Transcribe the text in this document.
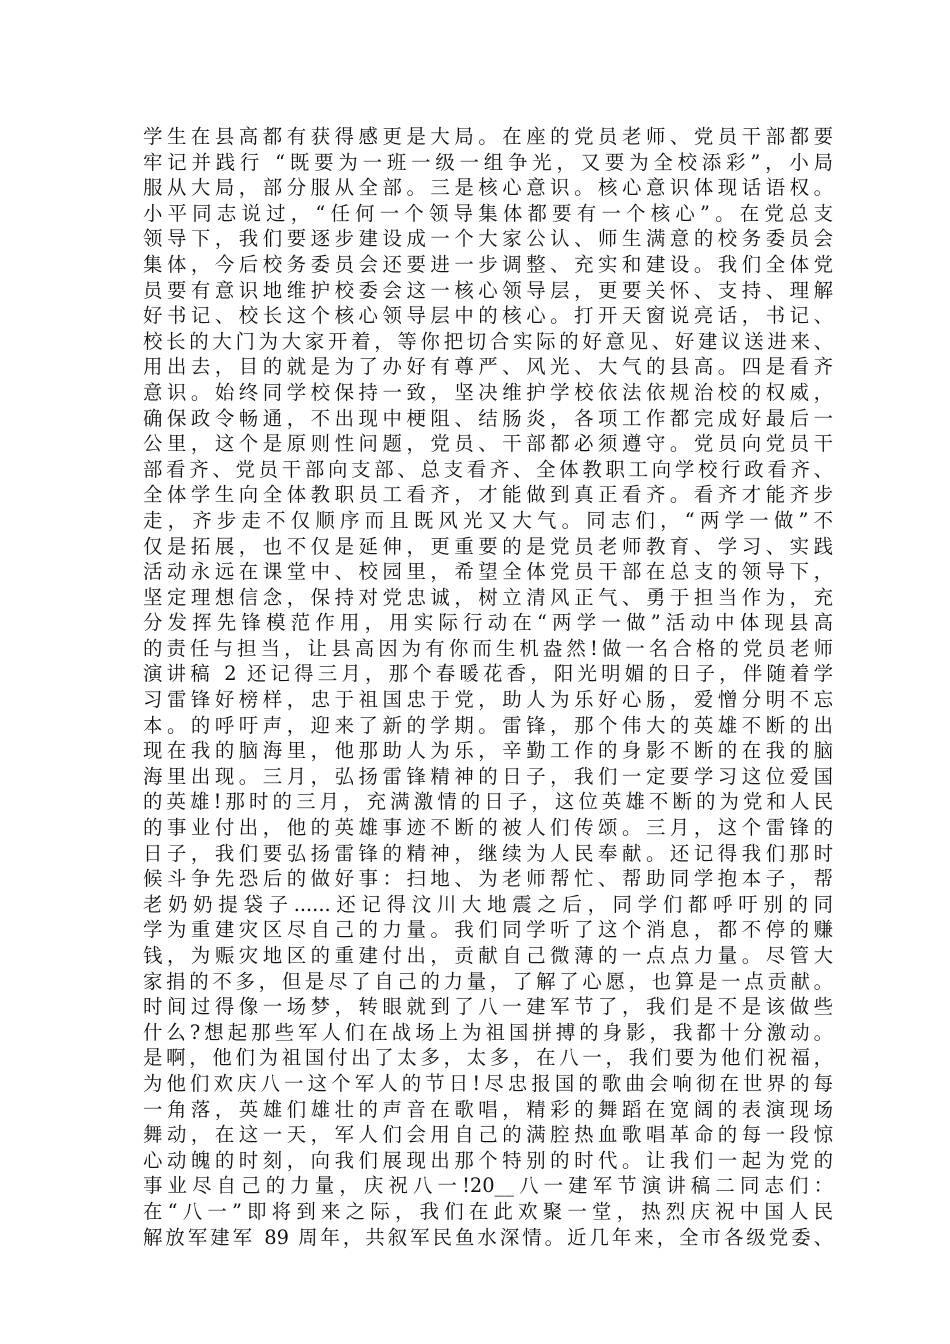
学生在县高都有获得感更是大局。在座的党员老师、党员干部都要
牢记并践行 “既要为一班一级一组争光，又要为全校添彩”，小局
服从大局，部分服从全部。三是核心意识。核心意识体现话语权。
小平同志说过，“任何一个领导集体都要有一个核心”。在党总支
领导下，我们要逐步建设成一个大家公认、师生满意的校务委员会
集体，今后校务委员会还要进一步调整、充实和建设。我们全体党
员要有意识地维护校委会这一核心领导层，更要关怀、支持、理解
好书记、校长这个核心领导层中的核心。打开天窗说亮话，书记、
校长的大门为大家开着，等你把切合实际的好意见、好建议送进来、
用出去，目的就是为了办好有尊严、风光、大气的县高。四是看齐
意识。始终同学校保持一致，坚决维护学校依法依规治校的权威，
确保政令畅通，不出现中梗阻、结肠炎，各项工作都完成好最后一
公里，这个是原则性问题，党员、干部都必须遵守。党员向党员干
部看齐、党员干部向支部、总支看齐、全体教职工向学校行政看齐、
全体学生向全体教职员工看齐，才能做到真正看齐。看齐才能齐步
走，齐步走不仅顺序而且既风光又大气。同志们，“两学一做”不
仅是拓展，也不仅是延伸，更重要的是党员老师教育、学习、实践
活动永远在课堂中、校园里，希望全体党员干部在总支的领导下，
坚定理想信念，保持对党忠诚，树立清风正气、勇于担当作为，充
分发挥先锋模范作用，用实际行动在“两学一做”活动中体现县高
的责任与担当，让县高因为有你而生机盎然!做一名合格的党员老师
演讲稿 2 还记得三月，那个春暖花香，阳光明媚的日子，伴随着学
习雷锋好榜样，忠于祖国忠于党，助人为乐好心肠，爱憎分明不忘
本。的呼吁声，迎来了新的学期。雷锋，那个伟大的英雄不断的出
现在我的脑海里，他那助人为乐，辛勤工作的身影不断的在我的脑
海里出现。三月，弘扬雷锋精神的日子，我们一定要学习这位爱国
的英雄!那时的三月，充满激情的日子，这位英雄不断的为党和人民
的事业付出，他的英雄事迹不断的被人们传颂。三月，这个雷锋的
日子，我们要弘扬雷锋的精神，继续为人民奉献。还记得我们那时
候斗争先恐后的做好事：扫地、为老师帮忙、帮助同学抱本子，帮
老奶奶提袋子......还记得汶川大地震之后，同学们都呼吁别的同
学为重建灾区尽自己的力量。我们同学听了这个消息，都不停的赚
钱，为赈灾地区的重建付出，贡献自己微薄的一点点力量。尽管大
家捐的不多，但是尽了自己的力量，了解了心愿，也算是一点贡献。
时间过得像一场梦，转眼就到了八一建军节了，我们是不是该做些
什么?想起那些军人们在战场上为祖国拼搏的身影，我都十分激动。
是啊，他们为祖国付出了太多，太多，在八一，我们要为他们祝福，
为他们欢庆八一这个军人的节日!尽忠报国的歌曲会响彻在世界的每
一角落，英雄们雄壮的声音在歌唱，精彩的舞蹈在宽阔的表演现场
舞动，在这一天，军人们会用自己的满腔热血歌唱革命的每一段惊
心动魄的时刻，向我们展现出那个特别的时代。让我们一起为党的
事业尽自己的力量，庆祝八一!20__八一建军节演讲稿二同志们：
在“八一”即将到来之际，我们在此欢聚一堂，热烈庆祝中国人民
解放军建军 89 周年，共叙军民鱼水深情。近几年来，全市各级党委、
